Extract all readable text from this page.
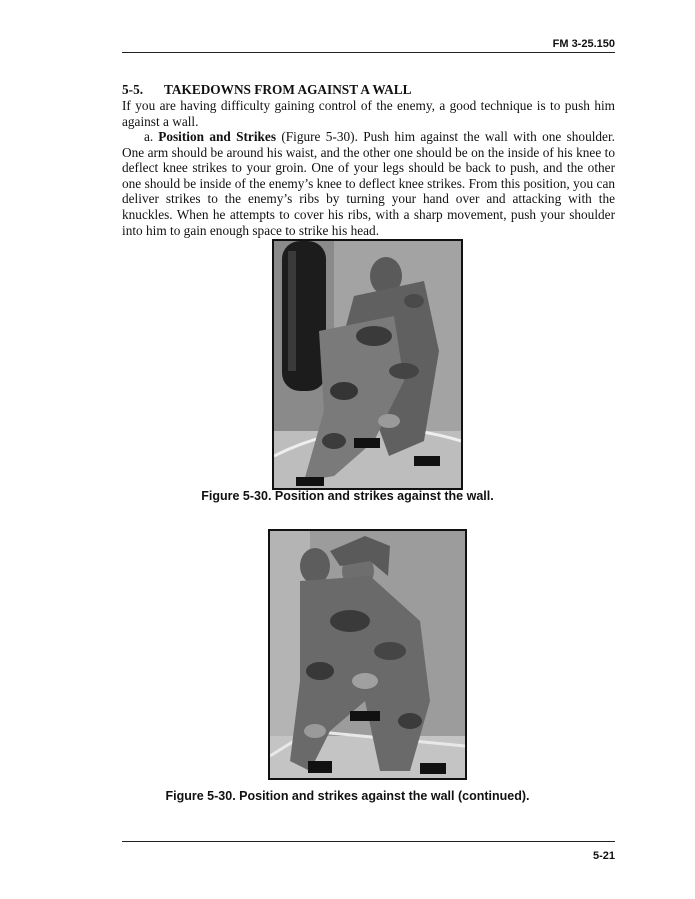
FM 3-25.150
5-5. TAKEDOWNS FROM AGAINST A WALL
If you are having difficulty gaining control of the enemy, a good technique is to push him against a wall.
a. Position and Strikes (Figure 5-30). Push him against the wall with one shoulder. One arm should be around his waist, and the other one should be on the inside of his knee to deflect knee strikes to your groin. One of your legs should be back to push, and the other one should be inside of the enemy’s knee to deflect knee strikes. From this position, you can deliver strikes to the enemy’s ribs by turning your hand over and attacking with the knuckles. When he attempts to cover his ribs, with a sharp movement, push your shoulder into him to gain enough space to strike his head.
Figure 5-30. Position and strikes against the wall.
Figure 5-30. Position and strikes against the wall (continued).
5-21
